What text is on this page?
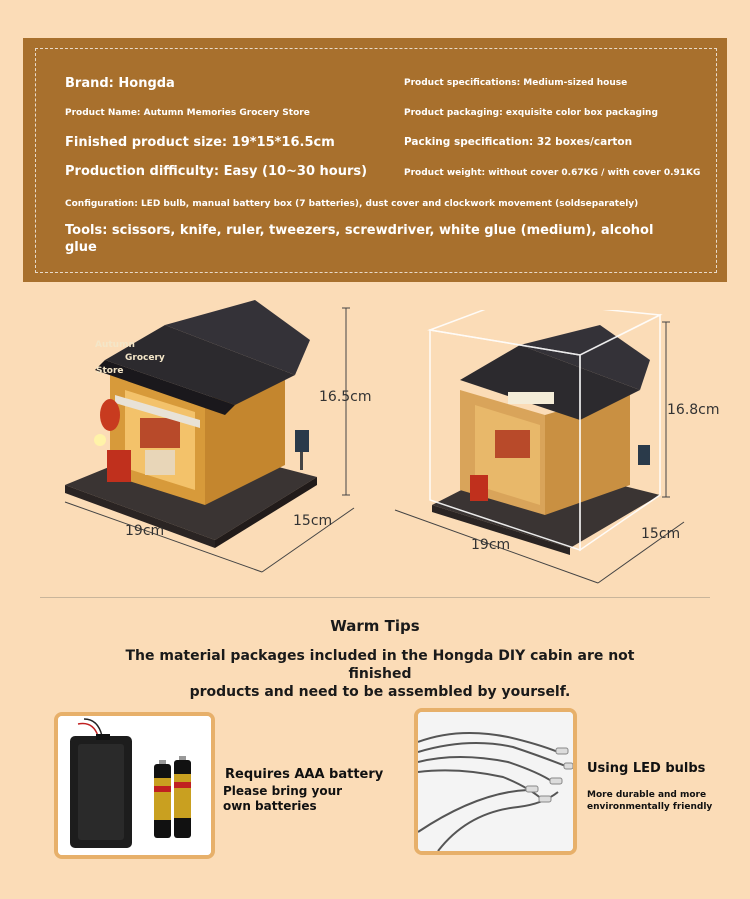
Brand: Hongda
Product Name: Autumn Memories Grocery Store
Finished product size: 19*15*16.5cm
Production difficulty: Easy (10~30 hours)
Product specifications: Medium-sized house
Product packaging: exquisite color box packaging
Packing specification: 32 boxes/carton
Product weight: without cover 0.67KG / with cover 0.91KG
Configuration: LED bulb, manual battery box (7 batteries), dust cover and clockwork movement (soldseparately)
Tools: scissors, knife, ruler, tweezers, screwdriver, white glue (medium), alcohol
glue
Autumn
Grocery
Store
16.5cm
19cm
15cm
16.8cm
19cm
15cm
Warm Tips
The material packages included in the Hongda DIY cabin are not finished
products and need to be assembled by yourself.
Requires AAA battery
Please bring your
own batteries
Using LED bulbs
More durable and more
environmentally friendly
